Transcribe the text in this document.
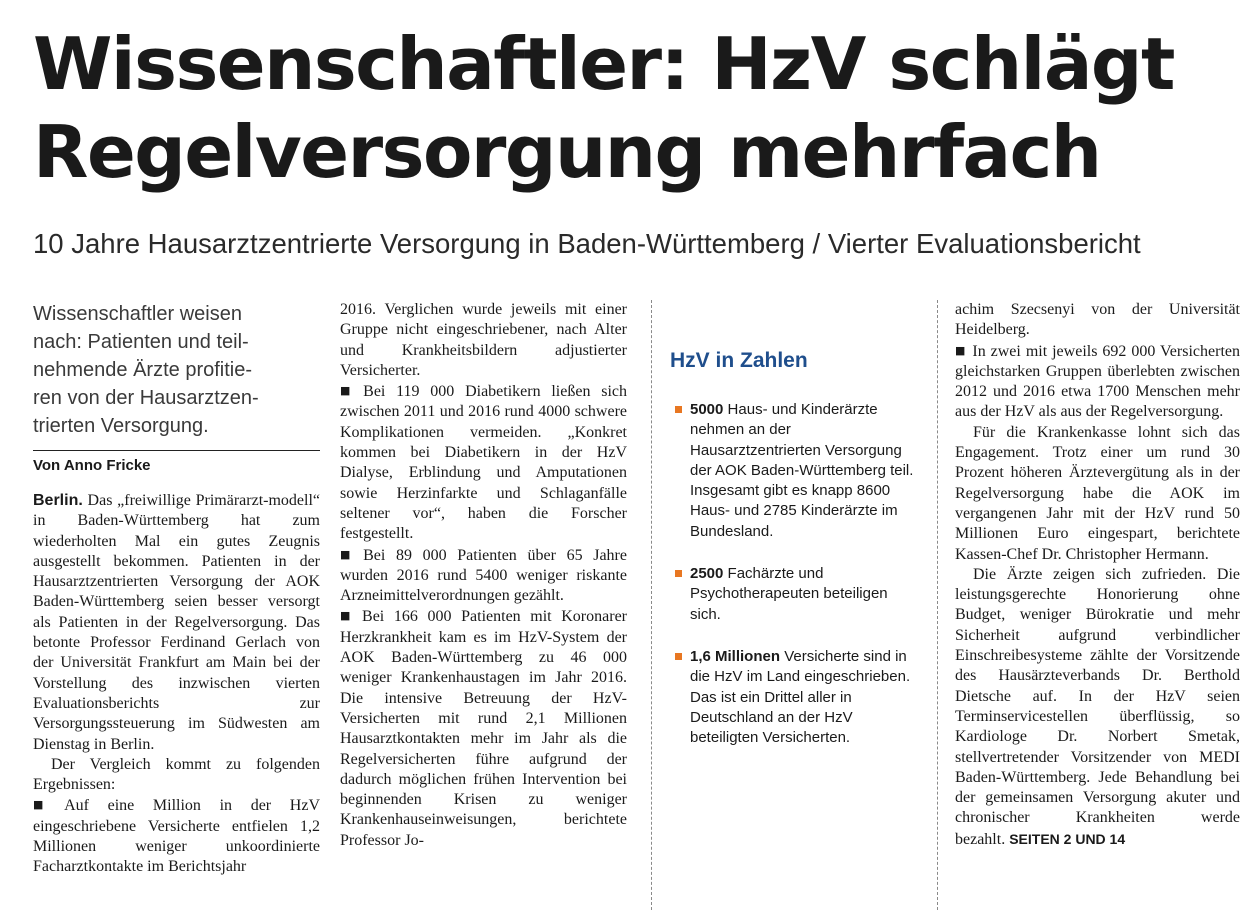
Wissenschaftler: HzV schlägt
Regelversorgung mehrfach
10 Jahre Hausarztzentrierte Versorgung in Baden-Württemberg / Vierter Evaluationsbericht
Wissenschaftler weisen
nach: Patienten und teil-
nehmende Ärzte profitie-
ren von der Hausarztzen-
trierten Versorgung.
Von Anno Fricke

Berlin. Das „freiwillige Primärarzt-modell“ in Baden-Württemberg hat zum wiederholten Mal ein gutes Zeugnis ausgestellt bekommen. Patienten in der Hausarztzentrierten Versorgung der AOK Baden-Württemberg seien besser versorgt als Patienten in der Regelversorgung. Das betonte Professor Ferdinand Gerlach von der Universität Frankfurt am Main bei der Vorstellung des inzwischen vierten Evaluationsberichts zur Versorgungssteuerung im Südwesten am Dienstag in Berlin.

Der Vergleich kommt zu folgenden Ergebnissen:

■ Auf eine Million in der HzV eingeschriebene Versicherte entfielen 1,2 Millionen weniger unkoordinierte Facharztkontakte im Berichtsjahr

2016. Verglichen wurde jeweils mit einer Gruppe nicht eingeschriebener, nach Alter und Krankheitsbildern adjustierter Versicherter.

■ Bei 119 000 Diabetikern ließen sich zwischen 2011 und 2016 rund 4000 schwere Komplikationen vermeiden. „Konkret kommen bei Diabetikern in der HzV Dialyse, Erblindung und Amputationen sowie Herzinfarkte und Schlaganfälle seltener vor“, haben die Forscher festgestellt.

■ Bei 89 000 Patienten über 65 Jahre wurden 2016 rund 5400 weniger riskante Arzneimittelverordnungen gezählt.

■ Bei 166 000 Patienten mit Koronarer Herzkrankheit kam es im HzV-System der AOK Baden-Württemberg zu 46 000 weniger Krankenhaustagen im Jahr 2016. Die intensive Betreuung der HzV-Versicherten mit rund 2,1 Millionen Hausarztkontakten mehr im Jahr als die Regelversicherten führe aufgrund der dadurch möglichen frühen Intervention bei beginnenden Krisen zu weniger Krankenhauseinweisungen, berichtete Professor Jo-

HzV in Zahlen
5000 Haus- und Kinderärzte nehmen an der Hausarztzentrierten Versorgung der AOK Baden-Württemberg teil. Insgesamt gibt es knapp 8600 Haus- und 2785 Kinderärzte im Bundesland.
2500 Fachärzte und Psychotherapeuten beteiligen sich.
1,6 Millionen Versicherte sind in die HzV im Land eingeschrieben. Das ist ein Drittel aller in Deutschland an der HzV beteiligten Versicherten.

achim Szecsenyi von der Universität Heidelberg.

■ In zwei mit jeweils 692 000 Versicherten gleichstarken Gruppen überlebten zwischen 2012 und 2016 etwa 1700 Menschen mehr aus der HzV als aus der Regelversorgung.

Für die Krankenkasse lohnt sich das Engagement. Trotz einer um rund 30 Prozent höheren Ärztevergütung als in der Regelversorgung habe die AOK im vergangenen Jahr mit der HzV rund 50 Millionen Euro eingespart, berichtete Kassen-Chef Dr. Christopher Hermann.

Die Ärzte zeigen sich zufrieden. Die leistungsgerechte Honorierung ohne Budget, weniger Bürokratie und mehr Sicherheit aufgrund verbindlicher Einschreibesysteme zählte der Vorsitzende des Hausärzteverbands Dr. Berthold Dietsche auf. In der HzV seien Terminservicestellen überflüssig, so Kardiologe Dr. Norbert Smetak, stellvertretender Vorsitzender von MEDI Baden-Württemberg. Jede Behandlung bei der gemeinsamen Versorgung akuter und chronischer Krankheiten werde bezahlt. SEITEN 2 UND 14
